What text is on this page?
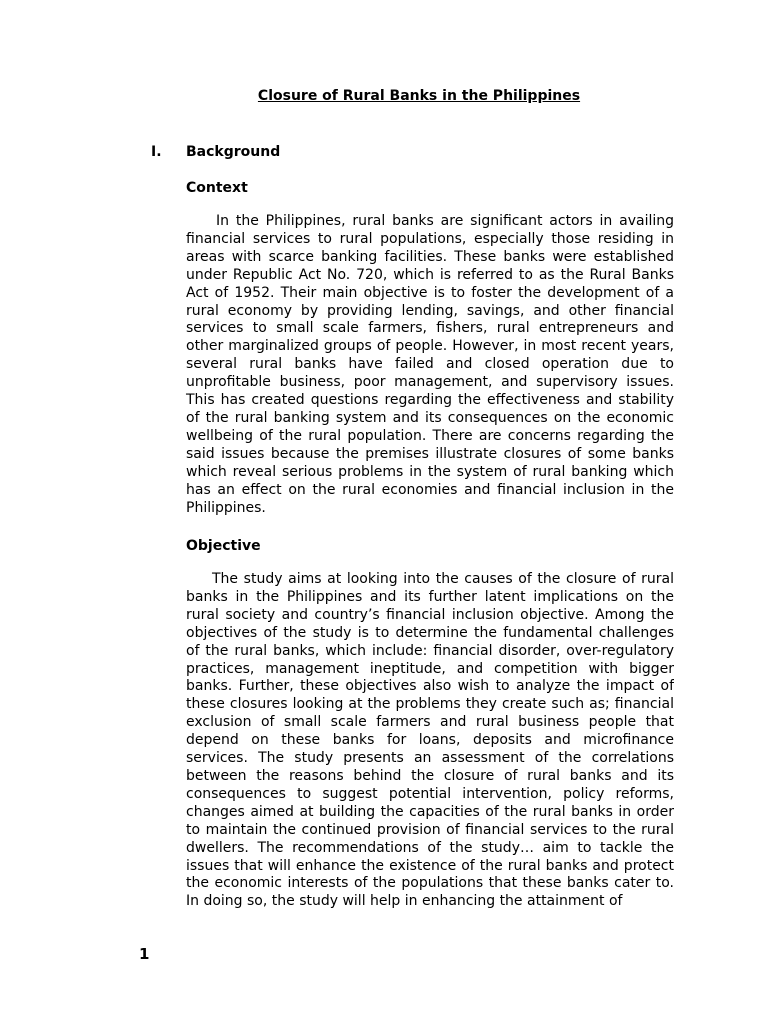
Closure of Rural Banks in the Philippines
I.	Background
Context

In the Philippines, rural banks are significant actors in availing financial services to rural populations, especially those residing in areas with scarce banking facilities. These banks were established under Republic Act No. 720, which is referred to as the Rural Banks Act of 1952. Their main objective is to foster the development of a rural economy by providing lending, savings, and other financial services to small scale farmers, fishers, rural entrepreneurs and other marginalized groups of people. However, in most recent years, several rural banks have failed and closed operation due to unprofitable business, poor management, and supervisory issues. This has created questions regarding the effectiveness and stability of the rural banking system and its consequences on the economic wellbeing of the rural population. There are concerns regarding the said issues because the premises illustrate closures of some banks which reveal serious problems in the system of rural banking which has an effect on the rural economies and financial inclusion in the Philippines.

Objective

The study aims at looking into the causes of the closure of rural banks in the Philippines and its further latent implications on the rural society and country’s financial inclusion objective. Among the objectives of the study is to determine the fundamental challenges of the rural banks, which include: financial disorder, over-regulatory practices, management ineptitude, and competition with bigger banks. Further, these objectives also wish to analyze the impact of these closures looking at the problems they create such as; financial exclusion of small scale farmers and rural business people that depend on these banks for loans, deposits and microfinance services. The study presents an assessment of the correlations between the reasons behind the closure of rural banks and its consequences to suggest potential intervention, policy reforms, changes aimed at building the capacities of the rural banks in order to maintain the continued provision of financial services to the rural dwellers. The recommendations of the study… aim to tackle the issues that will enhance the existence of the rural banks and protect the economic interests of the populations that these banks cater to. In doing so, the study will help in enhancing the attainment of

1
